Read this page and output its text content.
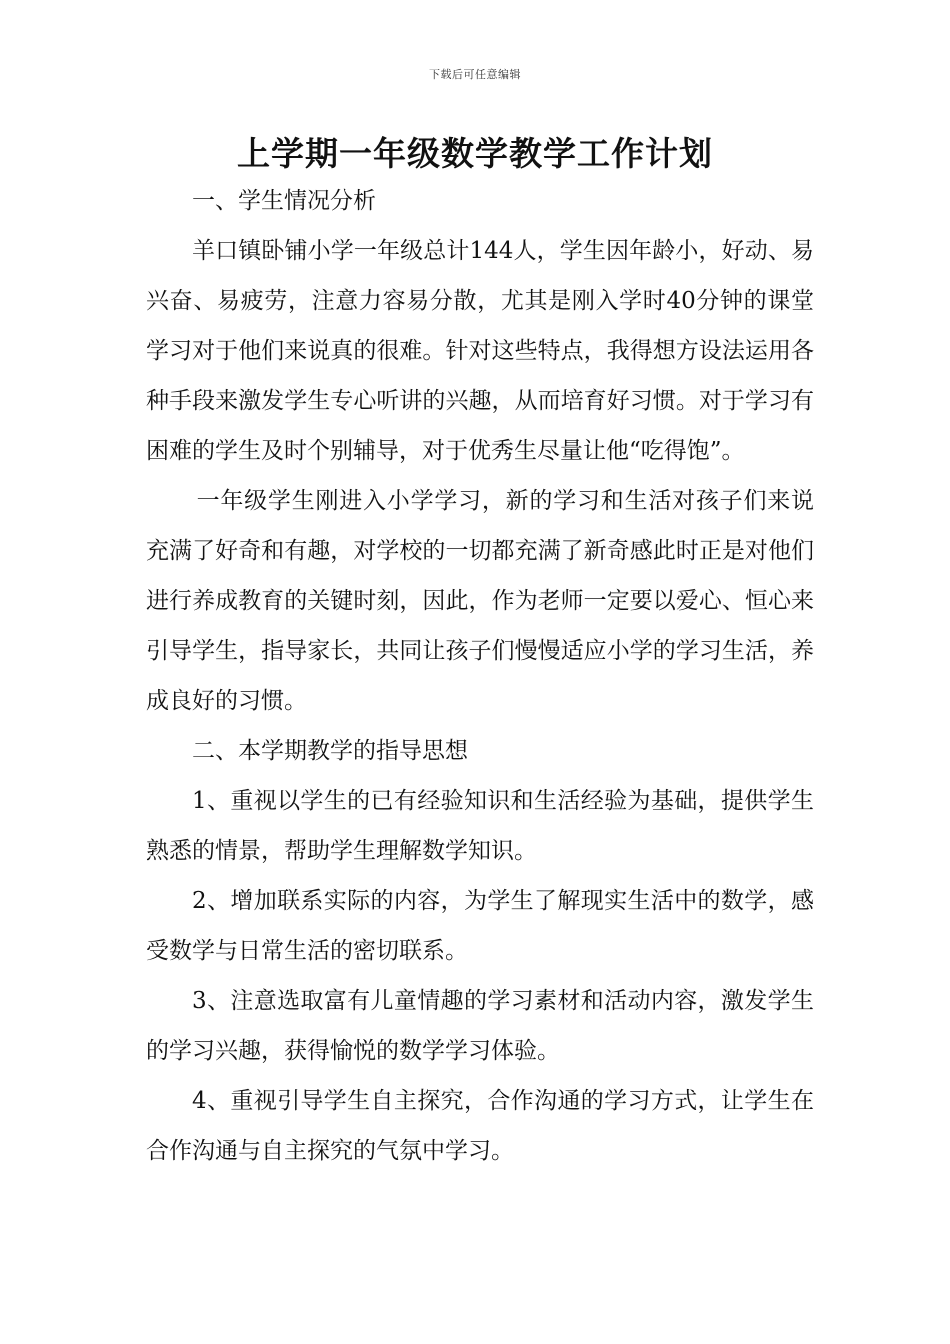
下载后可任意编辑
上学期一年级数学教学工作计划

一、学生情况分析

羊口镇卧铺小学一年级总计144人，学生因年龄小，好动、易兴奋、易疲劳，注意力容易分散，尤其是刚入学时40分钟的课堂学习对于他们来说真的很难。针对这些特点，我得想方设法运用各种手段来激发学生专心听讲的兴趣，从而培育好习惯。对于学习有困难的学生及时个别辅导，对于优秀生尽量让他“吃得饱”。

一年级学生刚进入小学学习，新的学习和生活对孩子们来说充满了好奇和有趣，对学校的一切都充满了新奇感此时正是对他们进行养成教育的关键时刻，因此，作为老师一定要以爱心、恒心来引导学生，指导家长，共同让孩子们慢慢适应小学的学习生活，养成良好的习惯。

二、本学期教学的指导思想

1、重视以学生的已有经验知识和生活经验为基础，提供学生熟悉的情景，帮助学生理解数学知识。

2、增加联系实际的内容，为学生了解现实生活中的数学，感受数学与日常生活的密切联系。

3、注意选取富有儿童情趣的学习素材和活动内容，激发学生的学习兴趣，获得愉悦的数学学习体验。

4、重视引导学生自主探究，合作沟通的学习方式，让学生在合作沟通与自主探究的气氛中学习。
